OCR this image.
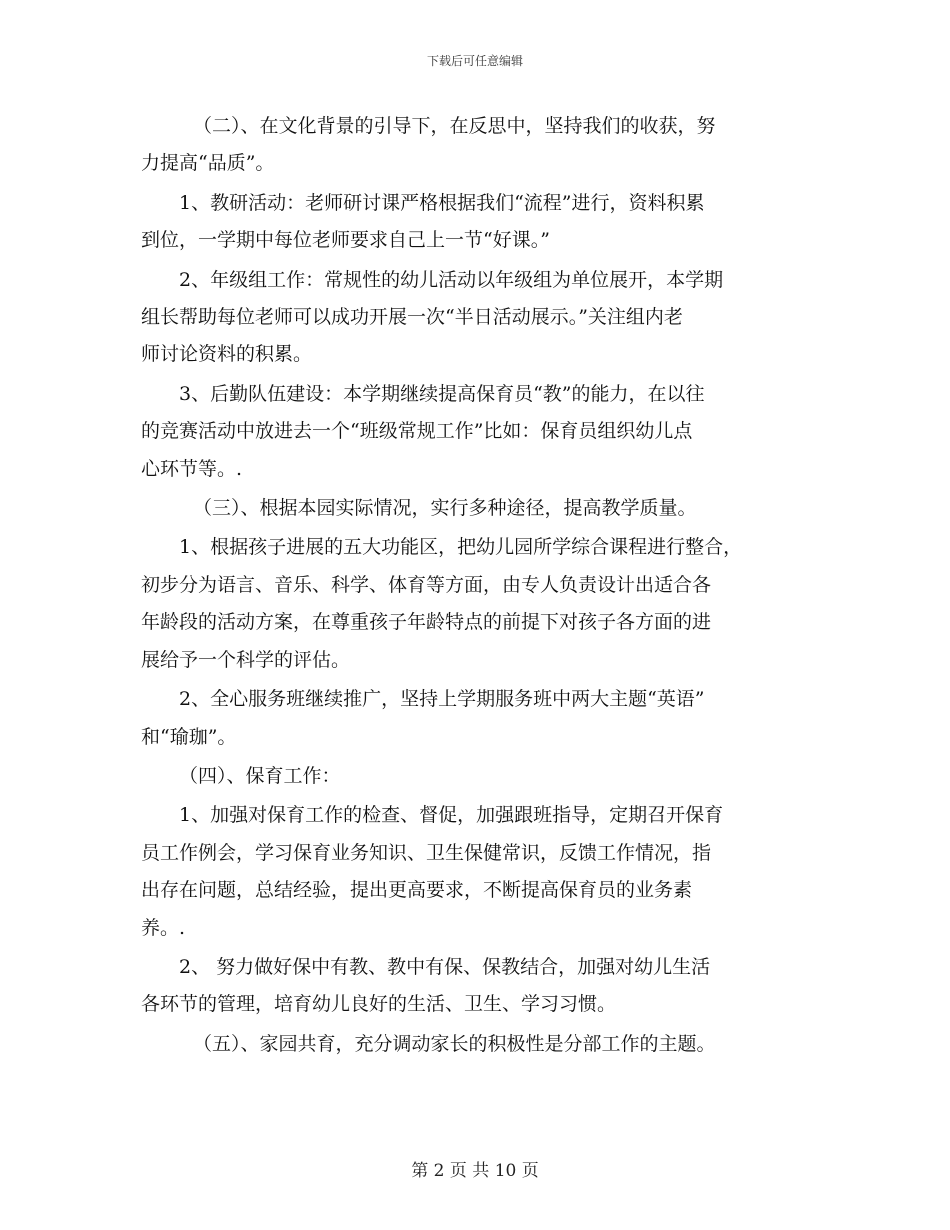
下载后可任意编辑
（二）、在文化背景的引导下，在反思中，坚持我们的收获，努
力提高“品质”。
1、教研活动：老师研讨课严格根据我们“流程”进行，资料积累
到位，一学期中每位老师要求自己上一节“好课。”
2、年级组工作：常规性的幼儿活动以年级组为单位展开，本学期
组长帮助每位老师可以成功开展一次“半日活动展示。”关注组内老
师讨论资料的积累。
3、后勤队伍建设：本学期继续提高保育员“教”的能力，在以往
的竞赛活动中放进去一个“班级常规工作”比如：保育员组织幼儿点
心环节等。.
（三）、根据本园实际情况，实行多种途径，提高教学质量。
1、根据孩子进展的五大功能区，把幼儿园所学综合课程进行整合，
初步分为语言、音乐、科学、体育等方面，由专人负责设计出适合各
年龄段的活动方案，在尊重孩子年龄特点的前提下对孩子各方面的进
展给予一个科学的评估。
2、全心服务班继续推广，坚持上学期服务班中两大主题“英语”
和“瑜珈”。
（四）、保育工作：
1、加强对保育工作的检查、督促，加强跟班指导，定期召开保育
员工作例会，学习保育业务知识、卫生保健常识，反馈工作情况，指
出存在问题，总结经验，提出更高要求，不断提高保育员的业务素
养。.
2、 努力做好保中有教、教中有保、保教结合，加强对幼儿生活
各环节的管理，培育幼儿良好的生活、卫生、学习习惯。
（五）、家园共育，充分调动家长的积极性是分部工作的主题。
第 2 页 共 10 页
